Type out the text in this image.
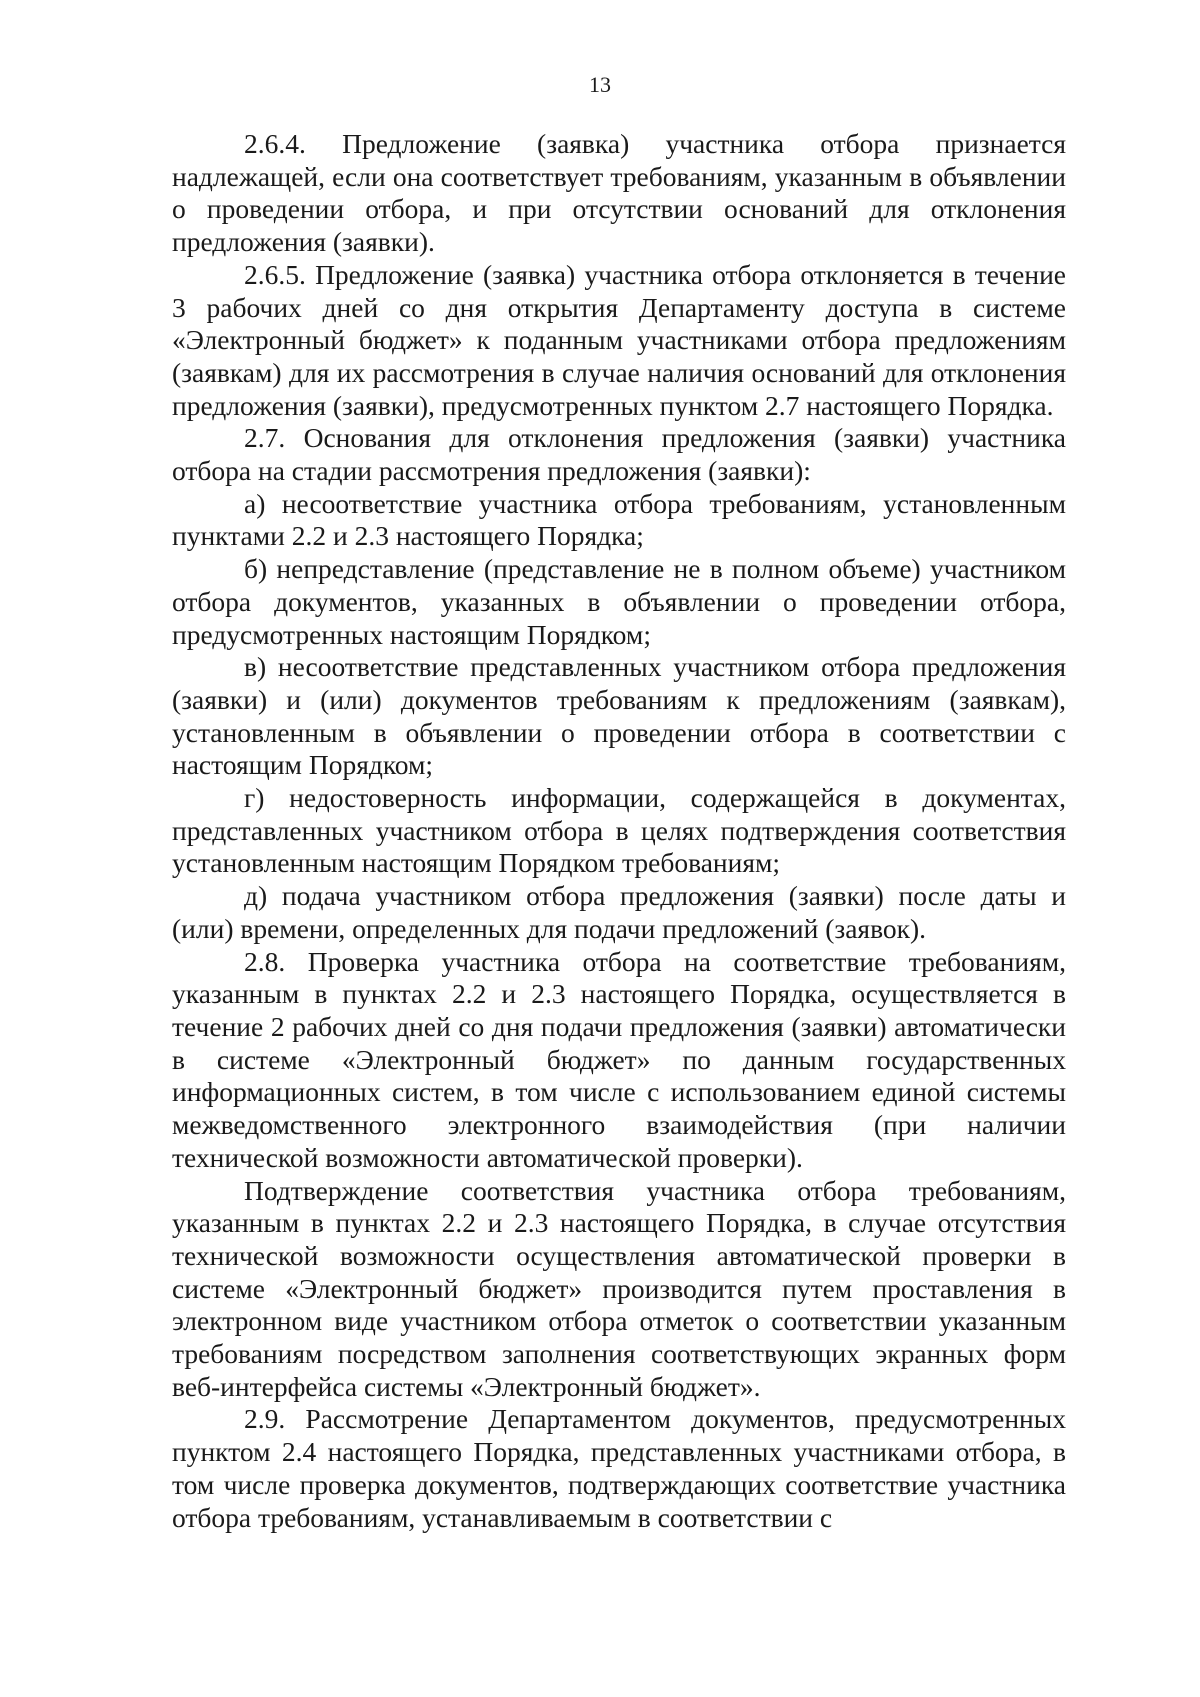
13

2.6.4. Предложение (заявка) участника отбора признается надлежащей, если она соответствует требованиям, указанным в объявлении о проведении отбора, и при отсутствии оснований для отклонения предложения (заявки).

2.6.5. Предложение (заявка) участника отбора отклоняется в течение 3 рабочих дней со дня открытия Департаменту доступа в системе «Электронный бюджет» к поданным участниками отбора предложениям (заявкам) для их рассмотрения в случае наличия оснований для отклонения предложения (заявки), предусмотренных пунктом 2.7 настоящего Порядка.

2.7. Основания для отклонения предложения (заявки) участника отбора на стадии рассмотрения предложения (заявки):

а) несоответствие участника отбора требованиям, установленным пунктами 2.2 и 2.3 настоящего Порядка;

б) непредставление (представление не в полном объеме) участником отбора документов, указанных в объявлении о проведении отбора, предусмотренных настоящим Порядком;

в) несоответствие представленных участником отбора предложения (заявки) и (или) документов требованиям к предложениям (заявкам), установленным в объявлении о проведении отбора в соответствии с настоящим Порядком;

г) недостоверность информации, содержащейся в документах, представленных участником отбора в целях подтверждения соответствия установленным настоящим Порядком требованиям;

д) подача участником отбора предложения (заявки) после даты и (или) времени, определенных для подачи предложений (заявок).

2.8. Проверка участника отбора на соответствие требованиям, указанным в пунктах 2.2 и 2.3 настоящего Порядка, осуществляется в течение 2 рабочих дней со дня подачи предложения (заявки) автоматически в системе «Электронный бюджет» по данным государственных информационных систем, в том числе с использованием единой системы межведомственного электронного взаимодействия (при наличии технической возможности автоматической проверки).

Подтверждение соответствия участника отбора требованиям, указанным в пунктах 2.2 и 2.3 настоящего Порядка, в случае отсутствия технической возможности осуществления автоматической проверки в системе «Электронный бюджет» производится путем проставления в электронном виде участником отбора отметок о соответствии указанным требованиям посредством заполнения соответствующих экранных форм веб-интерфейса системы «Электронный бюджет».

2.9. Рассмотрение Департаментом документов, предусмотренных пунктом 2.4 настоящего Порядка, представленных участниками отбора, в том числе проверка документов, подтверждающих соответствие участника отбора требованиям, устанавливаемым в соответствии с
